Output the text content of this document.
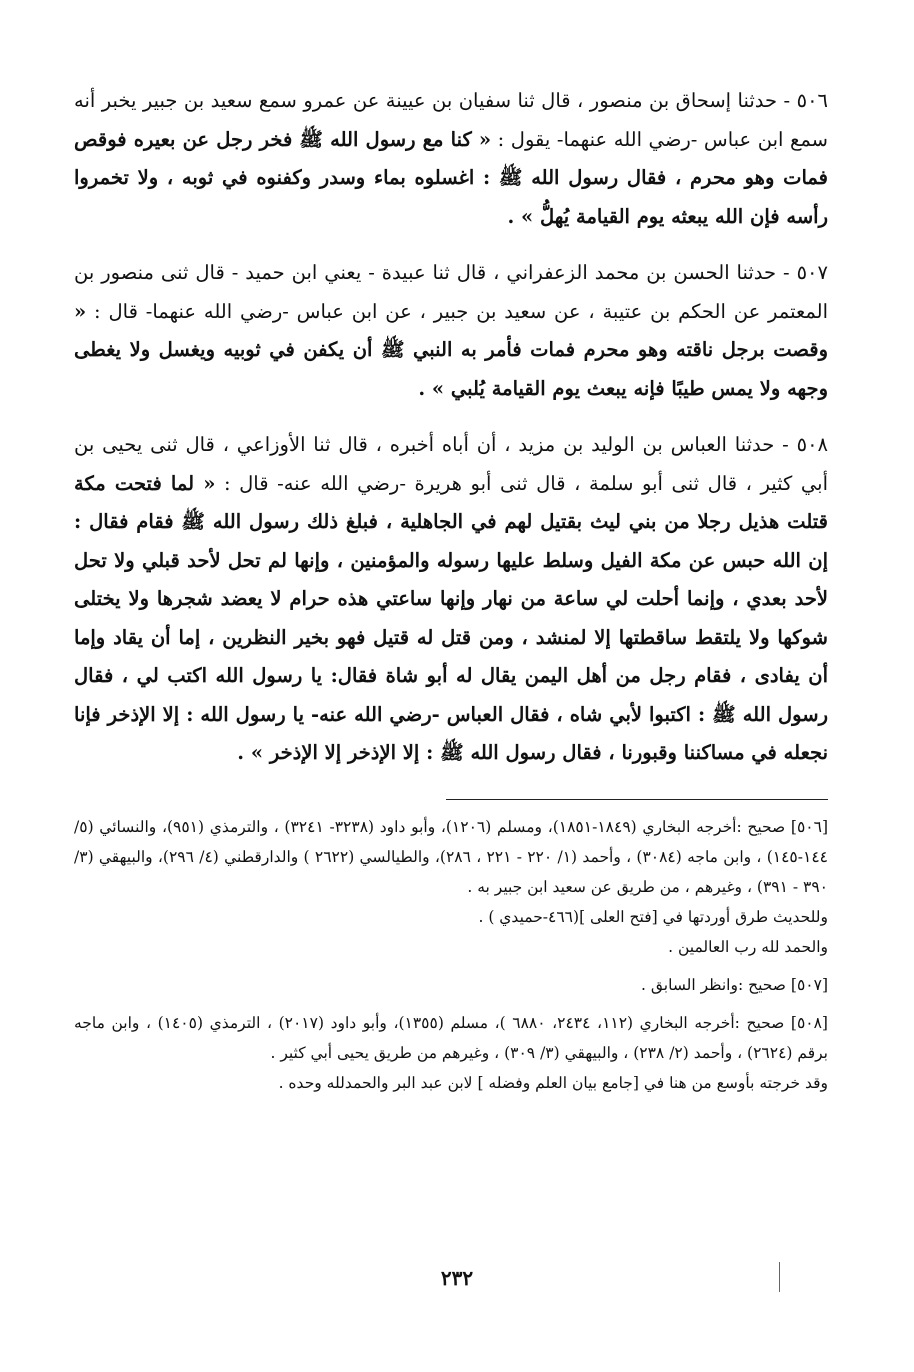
٥٠٦ - حدثنا إسحاق بن منصور ، قال ثنا سفيان بن عيينة عن عمرو سمع سعيد بن جبير يخبر أنه سمع ابن عباس -رضي الله عنهما- يقول : « كنا مع رسول الله ﷺ فخر رجل عن بعيره فوقص فمات وهو محرم ، فقال رسول الله ﷺ : اغسلوه بماء وسدر وكفنوه في ثوبه ، ولا تخمروا رأسه فإن الله يبعثه يوم القيامة يُهلُّ » .

٥٠٧ - حدثنا الحسن بن محمد الزعفراني ، قال ثنا عبيدة - يعني ابن حميد - قال ثنى منصور بن المعتمر عن الحكم بن عتيبة ، عن سعيد بن جبير ، عن ابن عباس -رضي الله عنهما- قال : « وقصت برجل ناقته وهو محرم فمات فأمر به النبي ﷺ أن يكفن في ثوبيه ويغسل ولا يغطى وجهه ولا يمس طيبًا فإنه يبعث يوم القيامة يُلبي » .

٥٠٨ - حدثنا العباس بن الوليد بن مزيد ، أن أباه أخبره ، قال ثنا الأوزاعي ، قال ثنى يحيى بن أبي كثير ، قال ثنى أبو سلمة ، قال ثنى أبو هريرة -رضي الله عنه- قال : « لما فتحت مكة قتلت هذيل رجلا من بني ليث بقتيل لهم في الجاهلية ، فبلغ ذلك رسول الله ﷺ فقام فقال : إن الله حبس عن مكة الفيل وسلط عليها رسوله والمؤمنين ، وإنها لم تحل لأحد قبلي ولا تحل لأحد بعدي ، وإنما أحلت لي ساعة من نهار وإنها ساعتي هذه حرام لا يعضد شجرها ولا يختلى شوكها ولا يلتقط ساقطتها إلا لمنشد ، ومن قتل له قتيل فهو بخير النظرين ، إما أن يقاد وإما أن يفادى ، فقام رجل من أهل اليمن يقال له أبو شاة فقال: يا رسول الله اكتب لي ، فقال رسول الله ﷺ : اكتبوا لأبي شاه ، فقال العباس -رضي الله عنه- يا رسول الله : إلا الإذخر فإنا نجعله في مساكننا وقبورنا ، فقال رسول الله ﷺ : إلا الإذخر إلا الإذخر » .

[٥٠٦] صحيح :أخرجه البخاري (١٨٤٩-١٨٥١)، ومسلم (١٢٠٦)، وأبو داود (٣٢٣٨- ٣٢٤١) ، والترمذي (٩٥١)، والنسائي (٥/ ١٤٤-١٤٥) ، وابن ماجه (٣٠٨٤) ، وأحمد (١/ ٢٢٠ - ٢٢١ ، ٢٨٦)، والطيالسي (٢٦٢٢ ) والدارقطني (٤/ ٢٩٦)، والبيهقي (٣/ ٣٩٠ - ٣٩١) ، وغيرهم ، من طريق عن سعيد ابن جبير به .

وللحديث طرق أوردتها في [فتح العلى ](٤٦٦-حميدي ) .

والحمد لله رب العالمين .

[٥٠٧] صحيح :وانظر السابق .

[٥٠٨] صحيح :أخرجه البخاري (١١٢، ٢٤٣٤، ٦٨٨٠ )، مسلم (١٣٥٥)، وأبو داود (٢٠١٧) ، الترمذي (١٤٠٥) ، وابن ماجه برقم (٢٦٢٤) ، وأحمد (٢/ ٢٣٨) ، والبيهقي (٣/ ٣٠٩) ، وغيرهم من طريق يحيى أبي كثير .

وقد خرجته بأوسع من هنا في [جامع بيان العلم وفضله ] لابن عبد البر والحمدلله وحده .

٢٣٢
